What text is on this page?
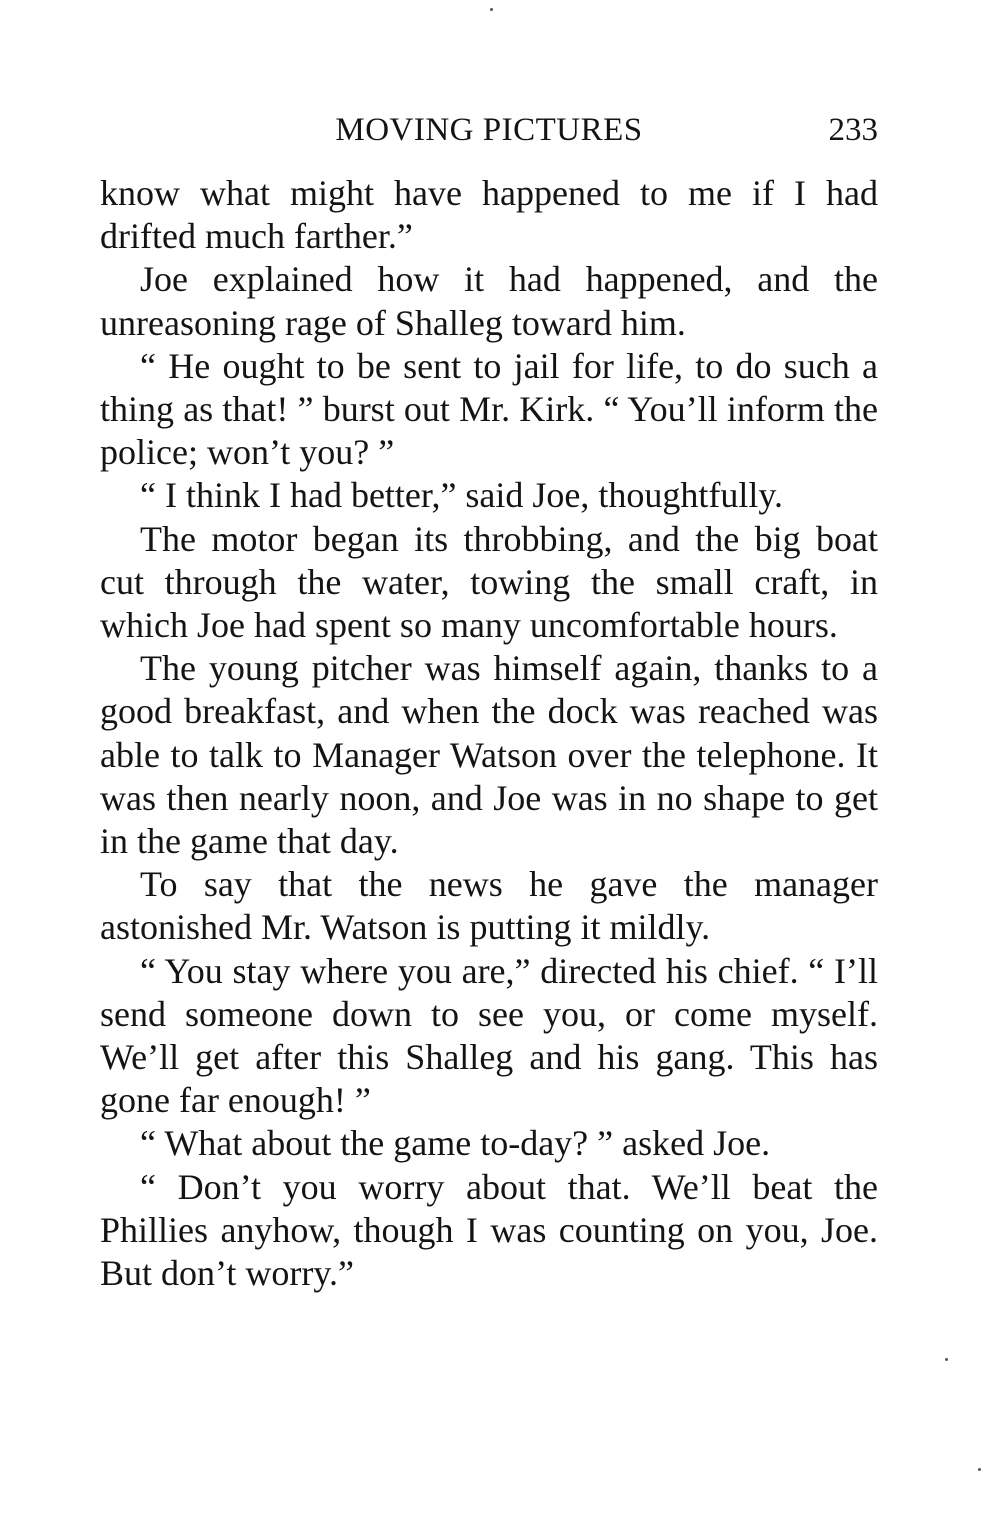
MOVING PICTURES	233

know what might have happened to me if I had drifted much farther.”

Joe explained how it had happened, and the unreasoning rage of Shalleg toward him.

“ He ought to be sent to jail for life, to do such a thing as that! ” burst out Mr. Kirk. “ You’ll inform the police; won’t you? ”

“ I think I had better,” said Joe, thoughtfully.

The motor began its throbbing, and the big boat cut through the water, towing the small craft, in which Joe had spent so many uncomfortable hours.

The young pitcher was himself again, thanks to a good breakfast, and when the dock was reached was able to talk to Manager Watson over the telephone. It was then nearly noon, and Joe was in no shape to get in the game that day.

To say that the news he gave the manager astonished Mr. Watson is putting it mildly.

“ You stay where you are,” directed his chief. “ I’ll send someone down to see you, or come myself. We’ll get after this Shalleg and his gang. This has gone far enough! ”

“ What about the game to-day? ” asked Joe.

“ Don’t you worry about that. We’ll beat the Phillies anyhow, though I was counting on you, Joe. But don’t worry.”
